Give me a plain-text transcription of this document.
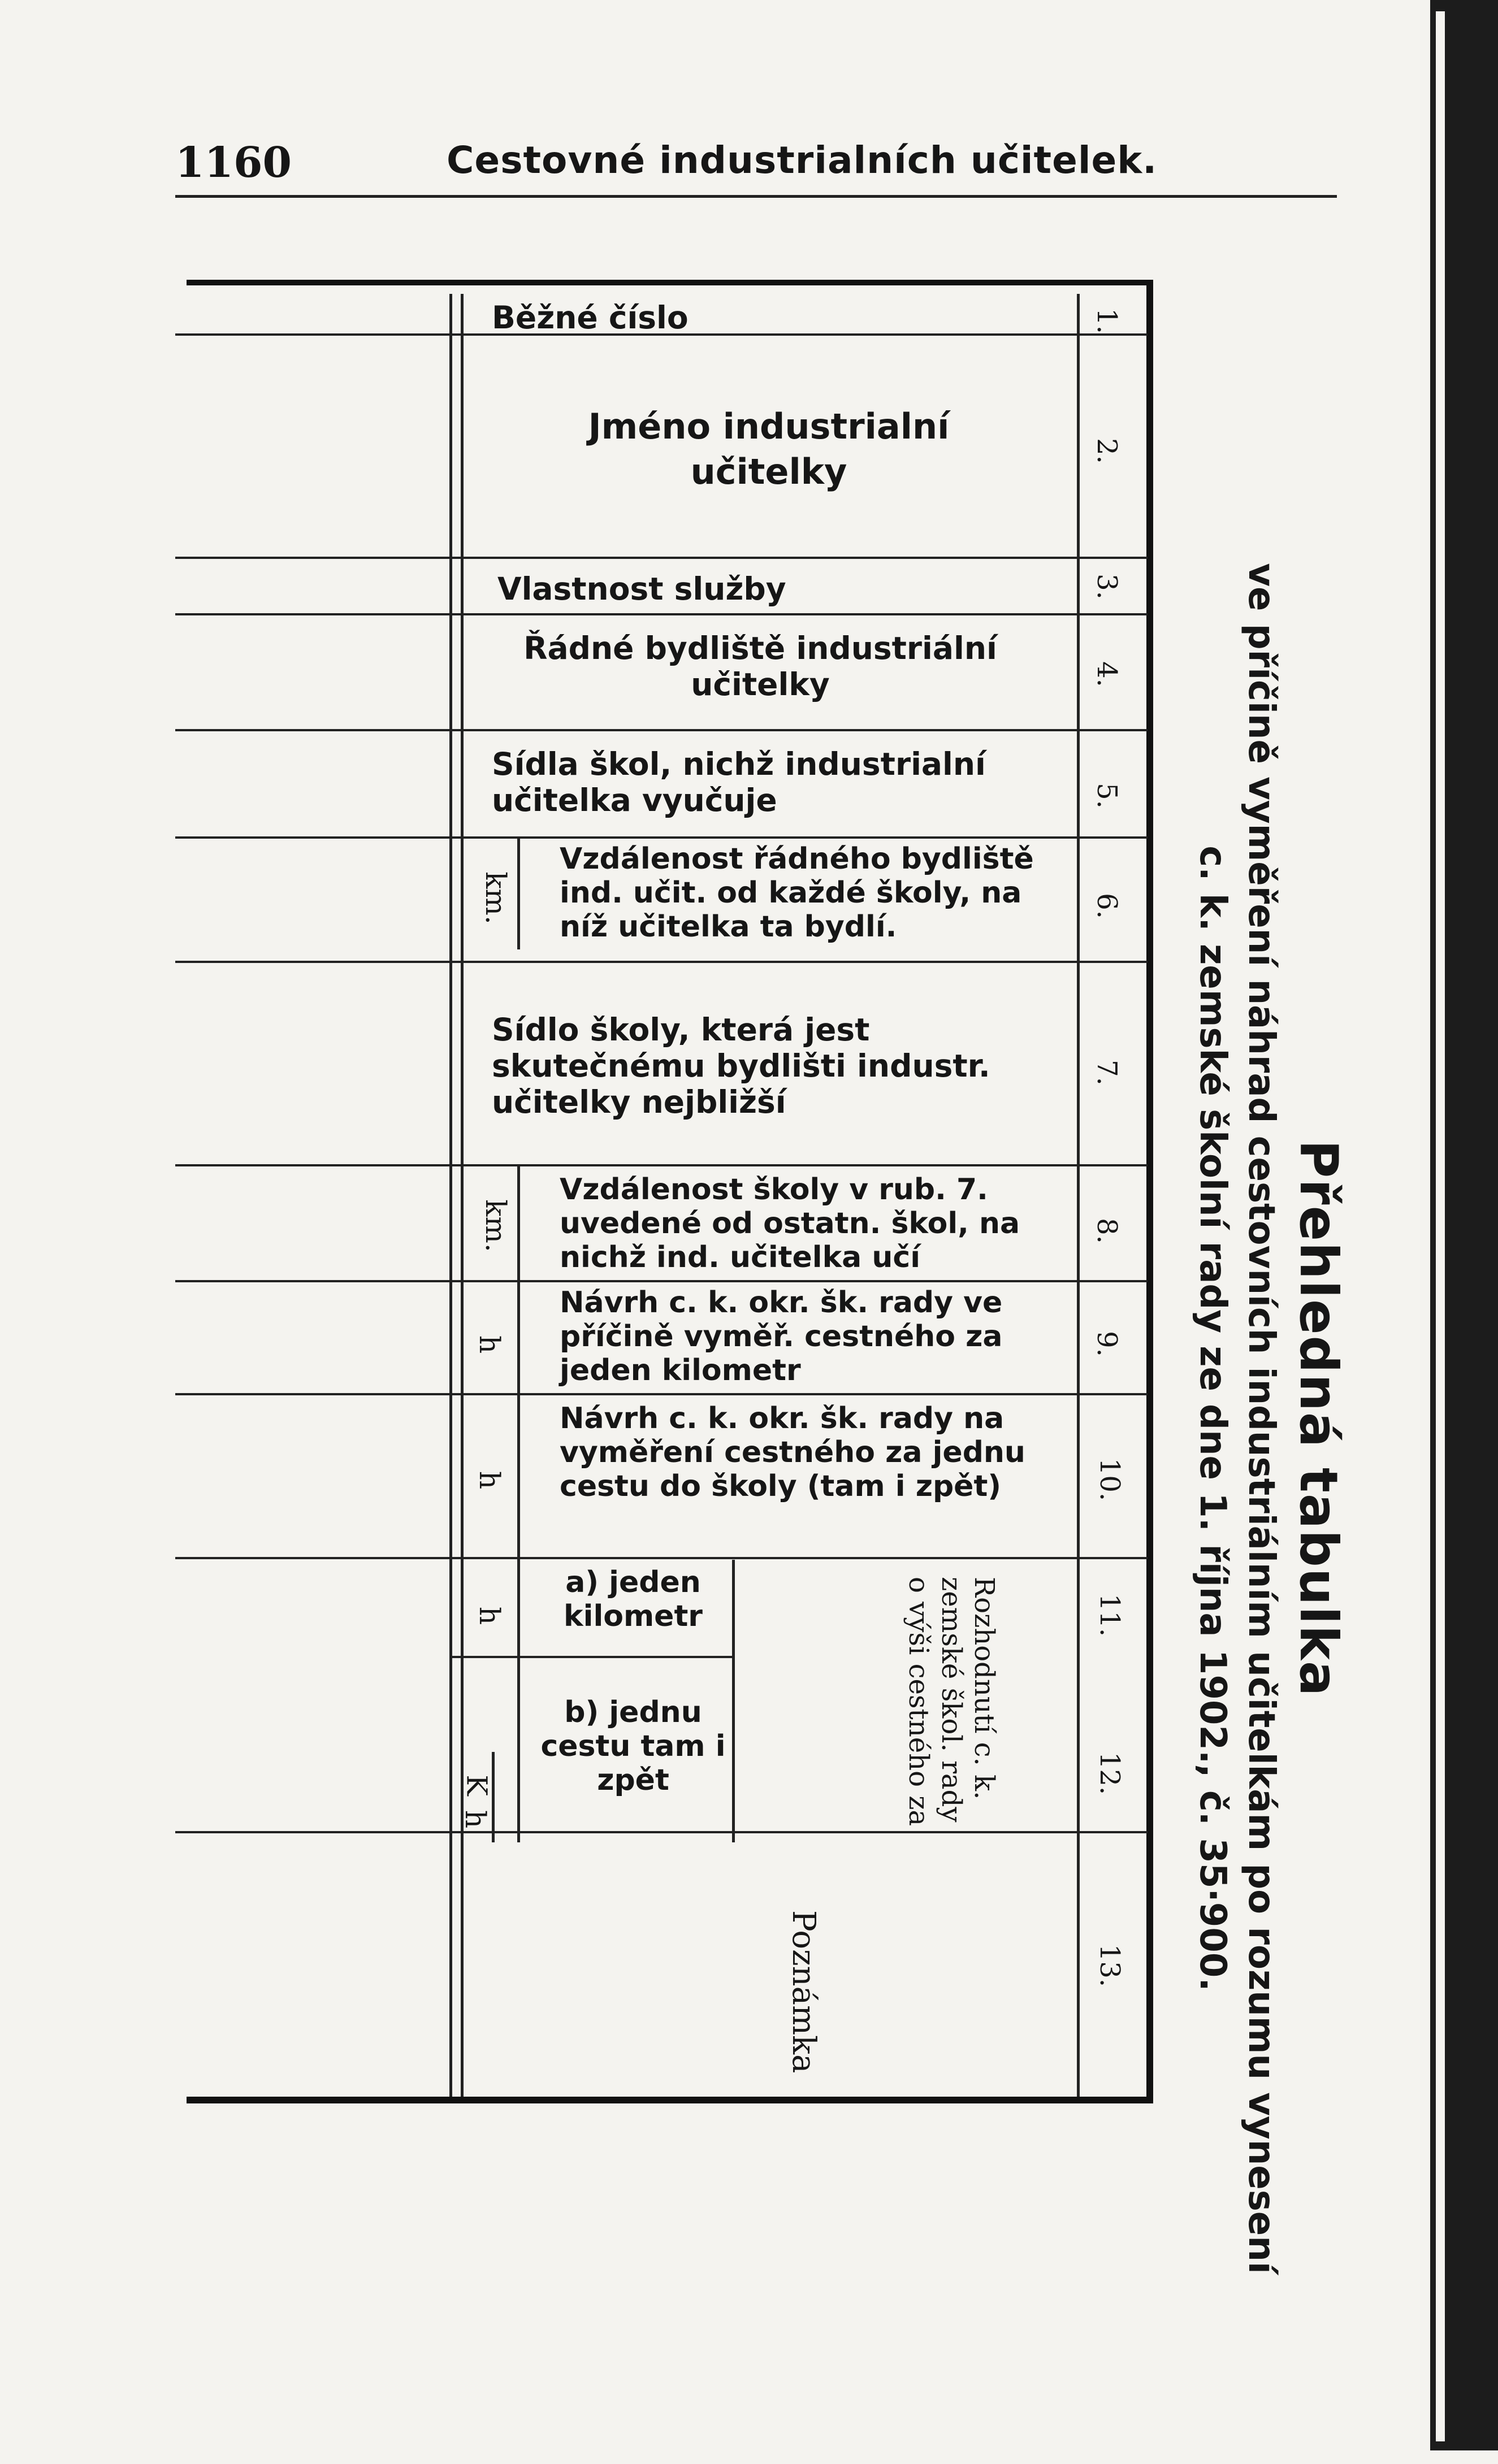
1160	Cestovné industrialních učitelek.
Běžné číslo
Jméno industrialní učitelky
Vlastnost služby
Řádné bydliště industriální učitelky
Sídla škol, nichž industrialní učitelka vyučuje
Vzdálenost řádného bydliště ind. učit. od každé školy, na níž učitelka ta bydlí.
Sídlo školy, která jest skutečnému bydlišti industr. učitelky nejbližší
Vzdálenost školy v rub. 7. uvedené od ostatn. škol, na nichž ind. učitelka učí
Návrh c. k. okr. šk. rady ve příčině vyměř. cestného za jeden kilometr
Návrh c. k. okr. šk. rady na vyměření cestného za jednu cestu do školy (tam i zpět)
a) jeden kilometr
b) jednu cestu tam i zpět
km.
km.
h
h
h
K
h
1.
2.
3.
4.
5.
6.
7.
8.
9.
10.
11.
12.
13.
Rozhodnutí c. k. zemské škol. rady o výši cestného za
Poznámka
Přehledná tabulka
ve příčině vyměření náhrad cestovních industriálním učitelkám po rozumu vynesení
c. k. zemské školní rady ze dne 1. října 1902., č. 35·900.
